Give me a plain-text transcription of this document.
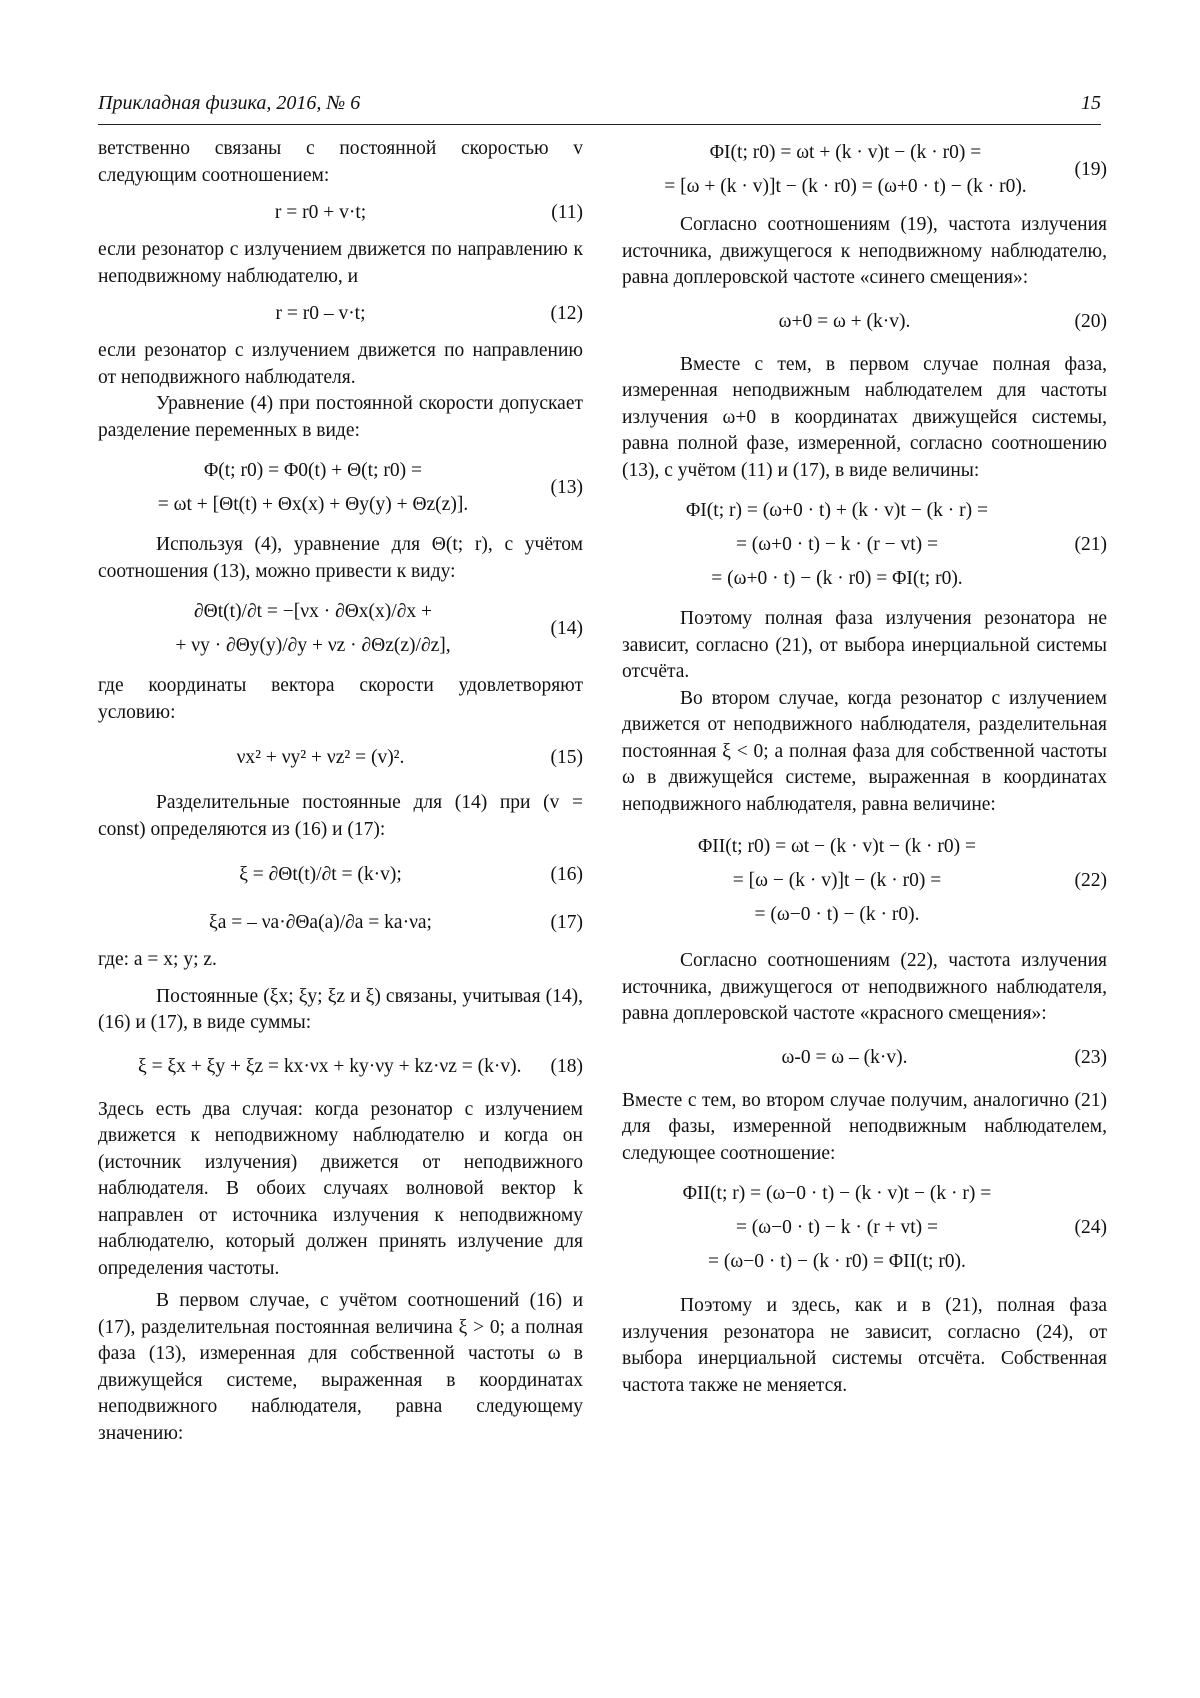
Прикладная физика, 2016, № 6	15

ветственно связаны с постоянной скоростью v следующим соотношением:

r = r0 + v·t;	(11)

если резонатор с излучением движется по направлению к неподвижному наблюдателю, и

r = r0 – v·t;	(12)

если резонатор с излучением движется по направлению от неподвижного наблюдателя.

Уравнение (4) при постоянной скорости допускает разделение переменных в виде:

Φ(t; r0) = Φ0(t) + Θ(t; r0) =
= ωt + [Θt(t) + Θx(x) + Θy(y) + Θz(z)].
(13)

Используя (4), уравнение для Θ(t; r), с учётом соотношения (13), можно привести к виду:

∂Θt(t)/∂t = −[νx · ∂Θx(x)/∂x +
+ νy · ∂Θy(y)/∂y + νz · ∂Θz(z)/∂z],
(14)

где координаты вектора скорости удовлетворяют условию:

νx² + νy² + νz² = (v)².	(15)

Разделительные постоянные для (14) при (v = const) определяются из (16) и (17):

ξ = ∂Θt(t)/∂t = (k·v);	(16)
ξa = – νa·∂Θa(a)/∂a = ka·νa;	(17)

где: a = x; y; z.

Постоянные (ξx; ξy; ξz и ξ) связаны, учитывая (14), (16) и (17), в виде суммы:

ξ = ξx + ξy + ξz = kx·νx + ky·νy + kz·νz = (k·v).	(18)

Здесь есть два случая: когда резонатор с излучением движется к неподвижному наблюдателю и когда он (источник излучения) движется от неподвижного наблюдателя. В обоих случаях волновой вектор k направлен от источника излучения к неподвижному наблюдателю, который должен принять излучение для определения частоты.

В первом случае, с учётом соотношений (16) и (17), разделительная постоянная величина ξ > 0; а полная фаза (13), измеренная для собственной частоты ω в движущейся системе, выраженная в координатах неподвижного наблюдателя, равна следующему значению:

ΦI(t; r0) = ωt + (k · v)t − (k · r0) =
= [ω + (k · v)]t − (k · r0) = (ω+0 · t) − (k · r0).
(19)

Согласно соотношениям (19), частота излучения источника, движущегося к неподвижному наблюдателю, равна доплеровской частоте «синего смещения»:

ω+0 = ω + (k·v).	(20)

Вместе с тем, в первом случае полная фаза, измеренная неподвижным наблюдателем для частоты излучения ω+0 в координатах движущейся системы, равна полной фазе, измеренной, согласно соотношению (13), с учётом (11) и (17), в виде величины:

ΦI(t; r) = (ω+0 · t) + (k · v)t − (k · r) =
= (ω+0 · t) − k · (r − vt) =
= (ω+0 · t) − (k · r0) = ΦI(t; r0).
(21)

Поэтому полная фаза излучения резонатора не зависит, согласно (21), от выбора инерциальной системы отсчёта.

Во втором случае, когда резонатор с излучением движется от неподвижного наблюдателя, разделительная постоянная ξ < 0; а полная фаза для собственной частоты ω в движущейся системе, выраженная в координатах неподвижного наблюдателя, равна величине:

ΦII(t; r0) = ωt − (k · v)t − (k · r0) =
= [ω − (k · v)]t − (k · r0) =
= (ω−0 · t) − (k · r0).
(22)

Согласно соотношениям (22), частота излучения источника, движущегося от неподвижного наблюдателя, равна доплеровской частоте «красного смещения»:

ω-0 = ω – (k·v).	(23)

Вместе с тем, во втором случае получим, аналогично (21) для фазы, измеренной неподвижным наблюдателем, следующее соотношение:

ΦII(t; r) = (ω−0 · t) − (k · v)t − (k · r) =
= (ω−0 · t) − k · (r + vt) =
= (ω−0 · t) − (k · r0) = ΦII(t; r0).
(24)

Поэтому и здесь, как и в (21), полная фаза излучения резонатора не зависит, согласно (24), от выбора инерциальной системы отсчёта. Собственная частота также не меняется.
